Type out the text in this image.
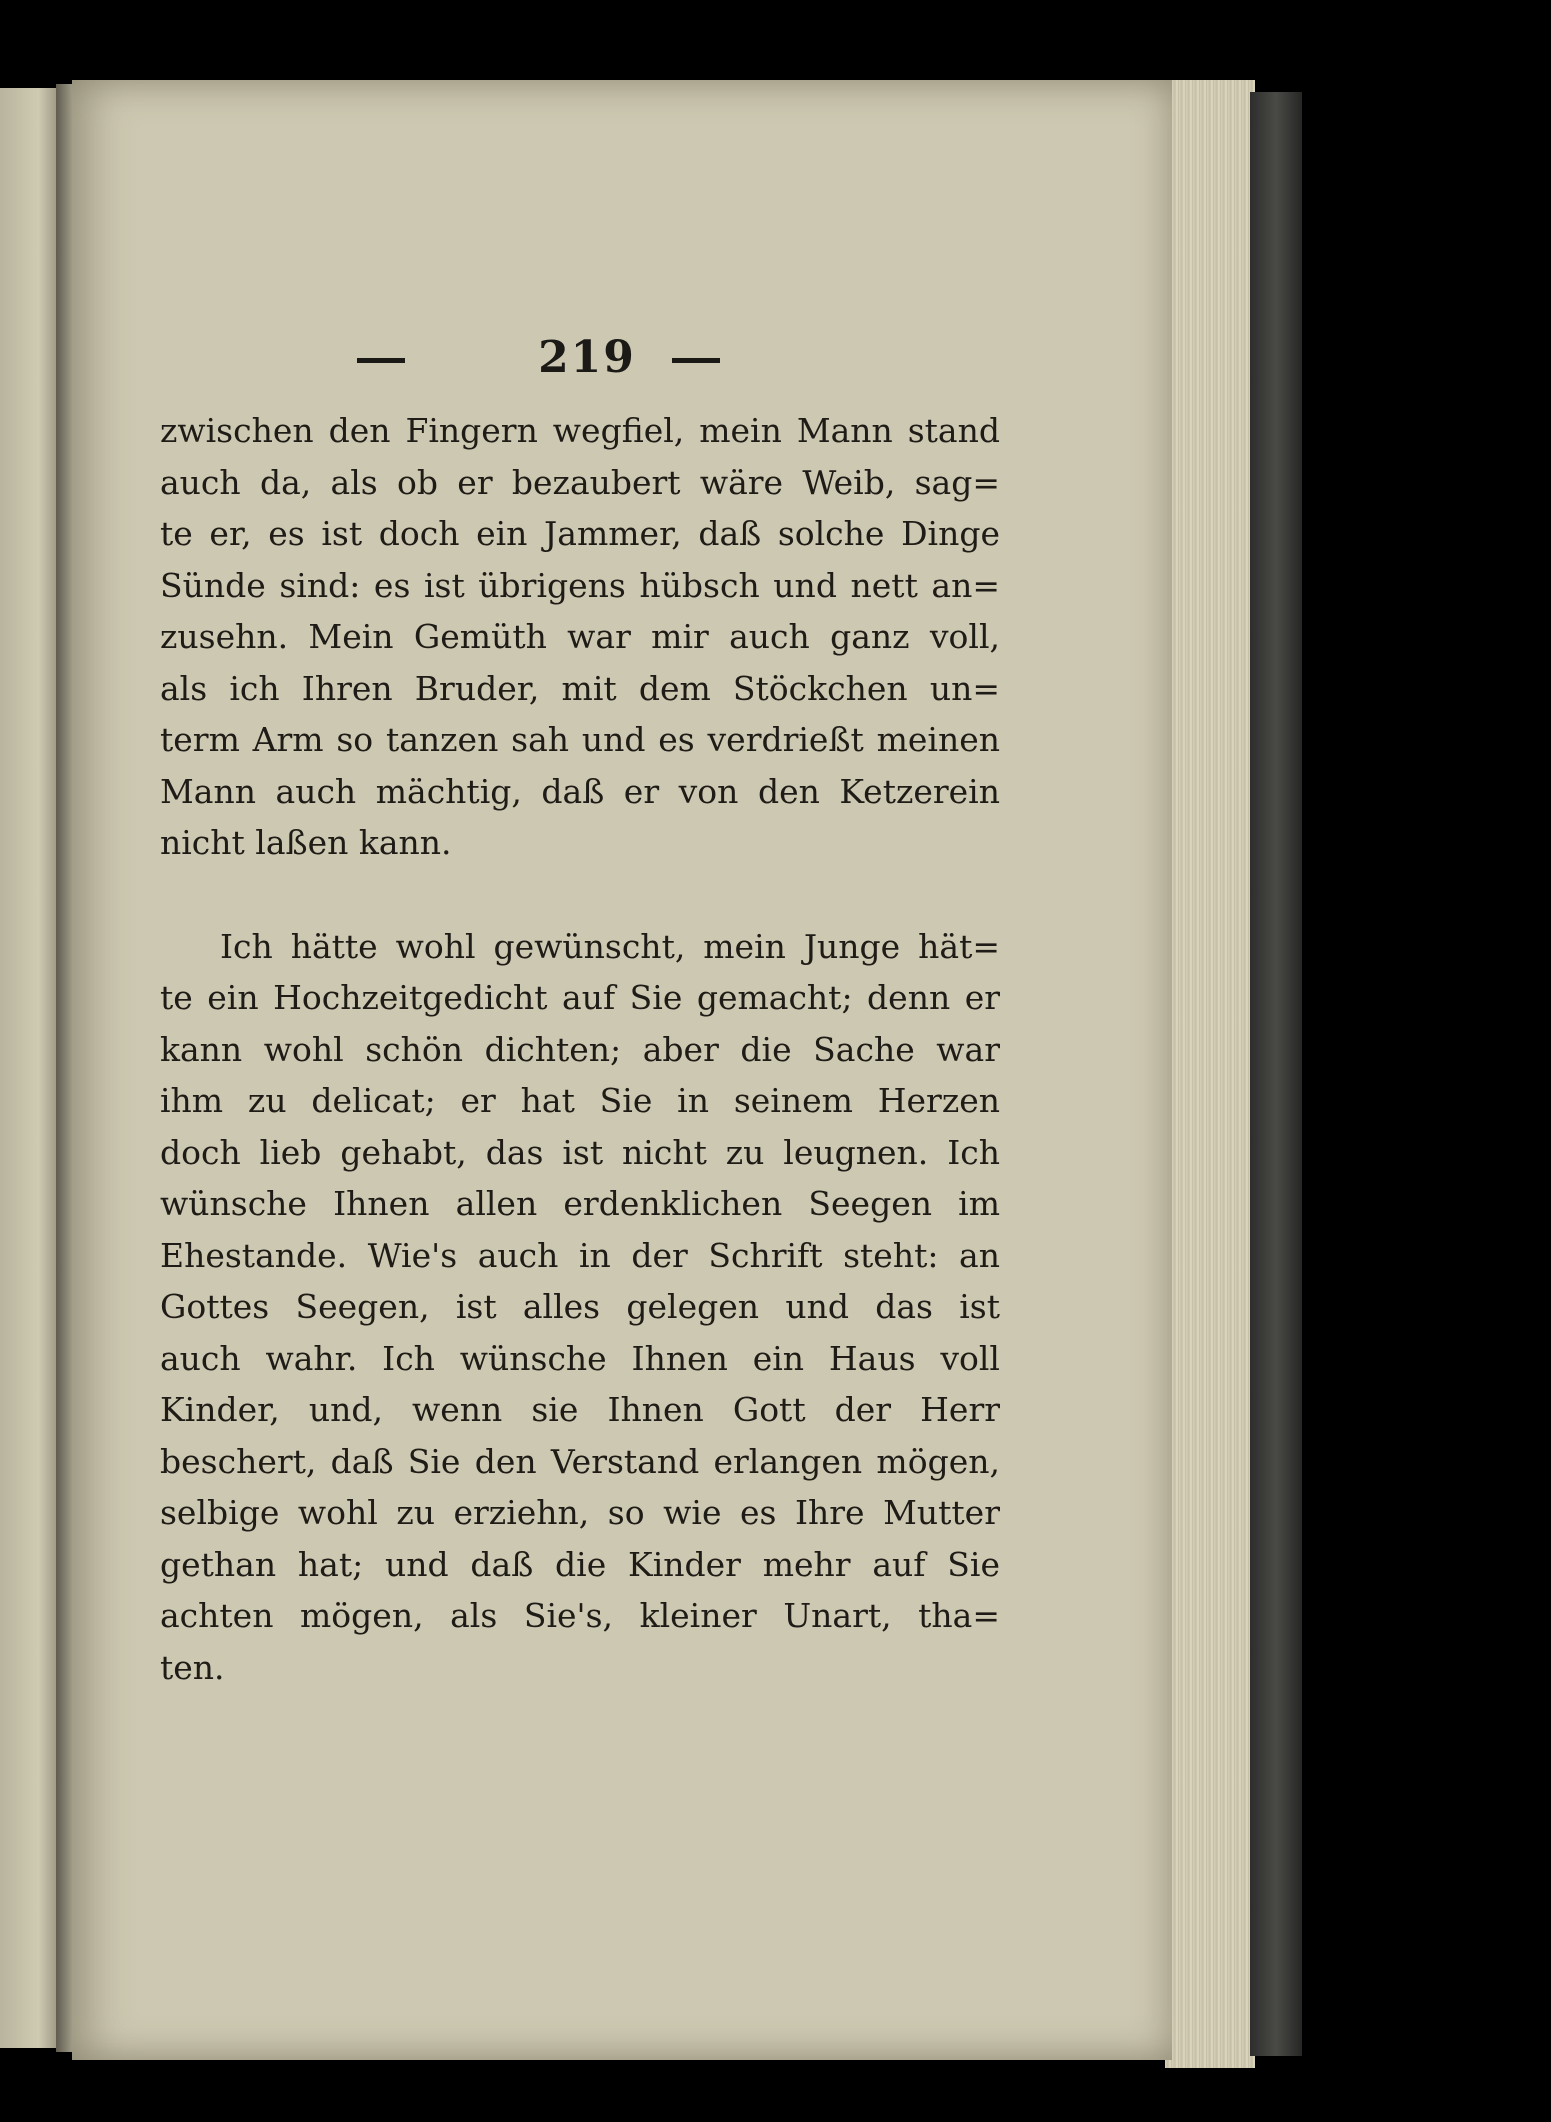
219
zwischen den Fingern wegfiel, mein Mann stand
auch da, als ob er bezaubert wäre Weib, sag=
te er, es ist doch ein Jammer, daß solche Dinge
Sünde sind: es ist übrigens hübsch und nett an=
zusehn. Mein Gemüth war mir auch ganz voll,
als ich Ihren Bruder, mit dem Stöckchen un=
term Arm so tanzen sah und es verdrießt meinen
Mann auch mächtig, daß er von den Ketzerein
nicht laßen kann.
Ich hätte wohl gewünscht, mein Junge hät=
te ein Hochzeitgedicht auf Sie gemacht; denn er
kann wohl schön dichten; aber die Sache war
ihm zu delicat; er hat Sie in seinem Herzen
doch lieb gehabt, das ist nicht zu leugnen. Ich
wünsche Ihnen allen erdenklichen Seegen im
Ehestande. Wie's auch in der Schrift steht: an
Gottes Seegen, ist alles gelegen und das ist
auch wahr. Ich wünsche Ihnen ein Haus voll
Kinder, und, wenn sie Ihnen Gott der Herr
beschert, daß Sie den Verstand erlangen mögen,
selbige wohl zu erziehn, so wie es Ihre Mutter
gethan hat; und daß die Kinder mehr auf Sie
achten mögen, als Sie's, kleiner Unart, tha=
ten.
